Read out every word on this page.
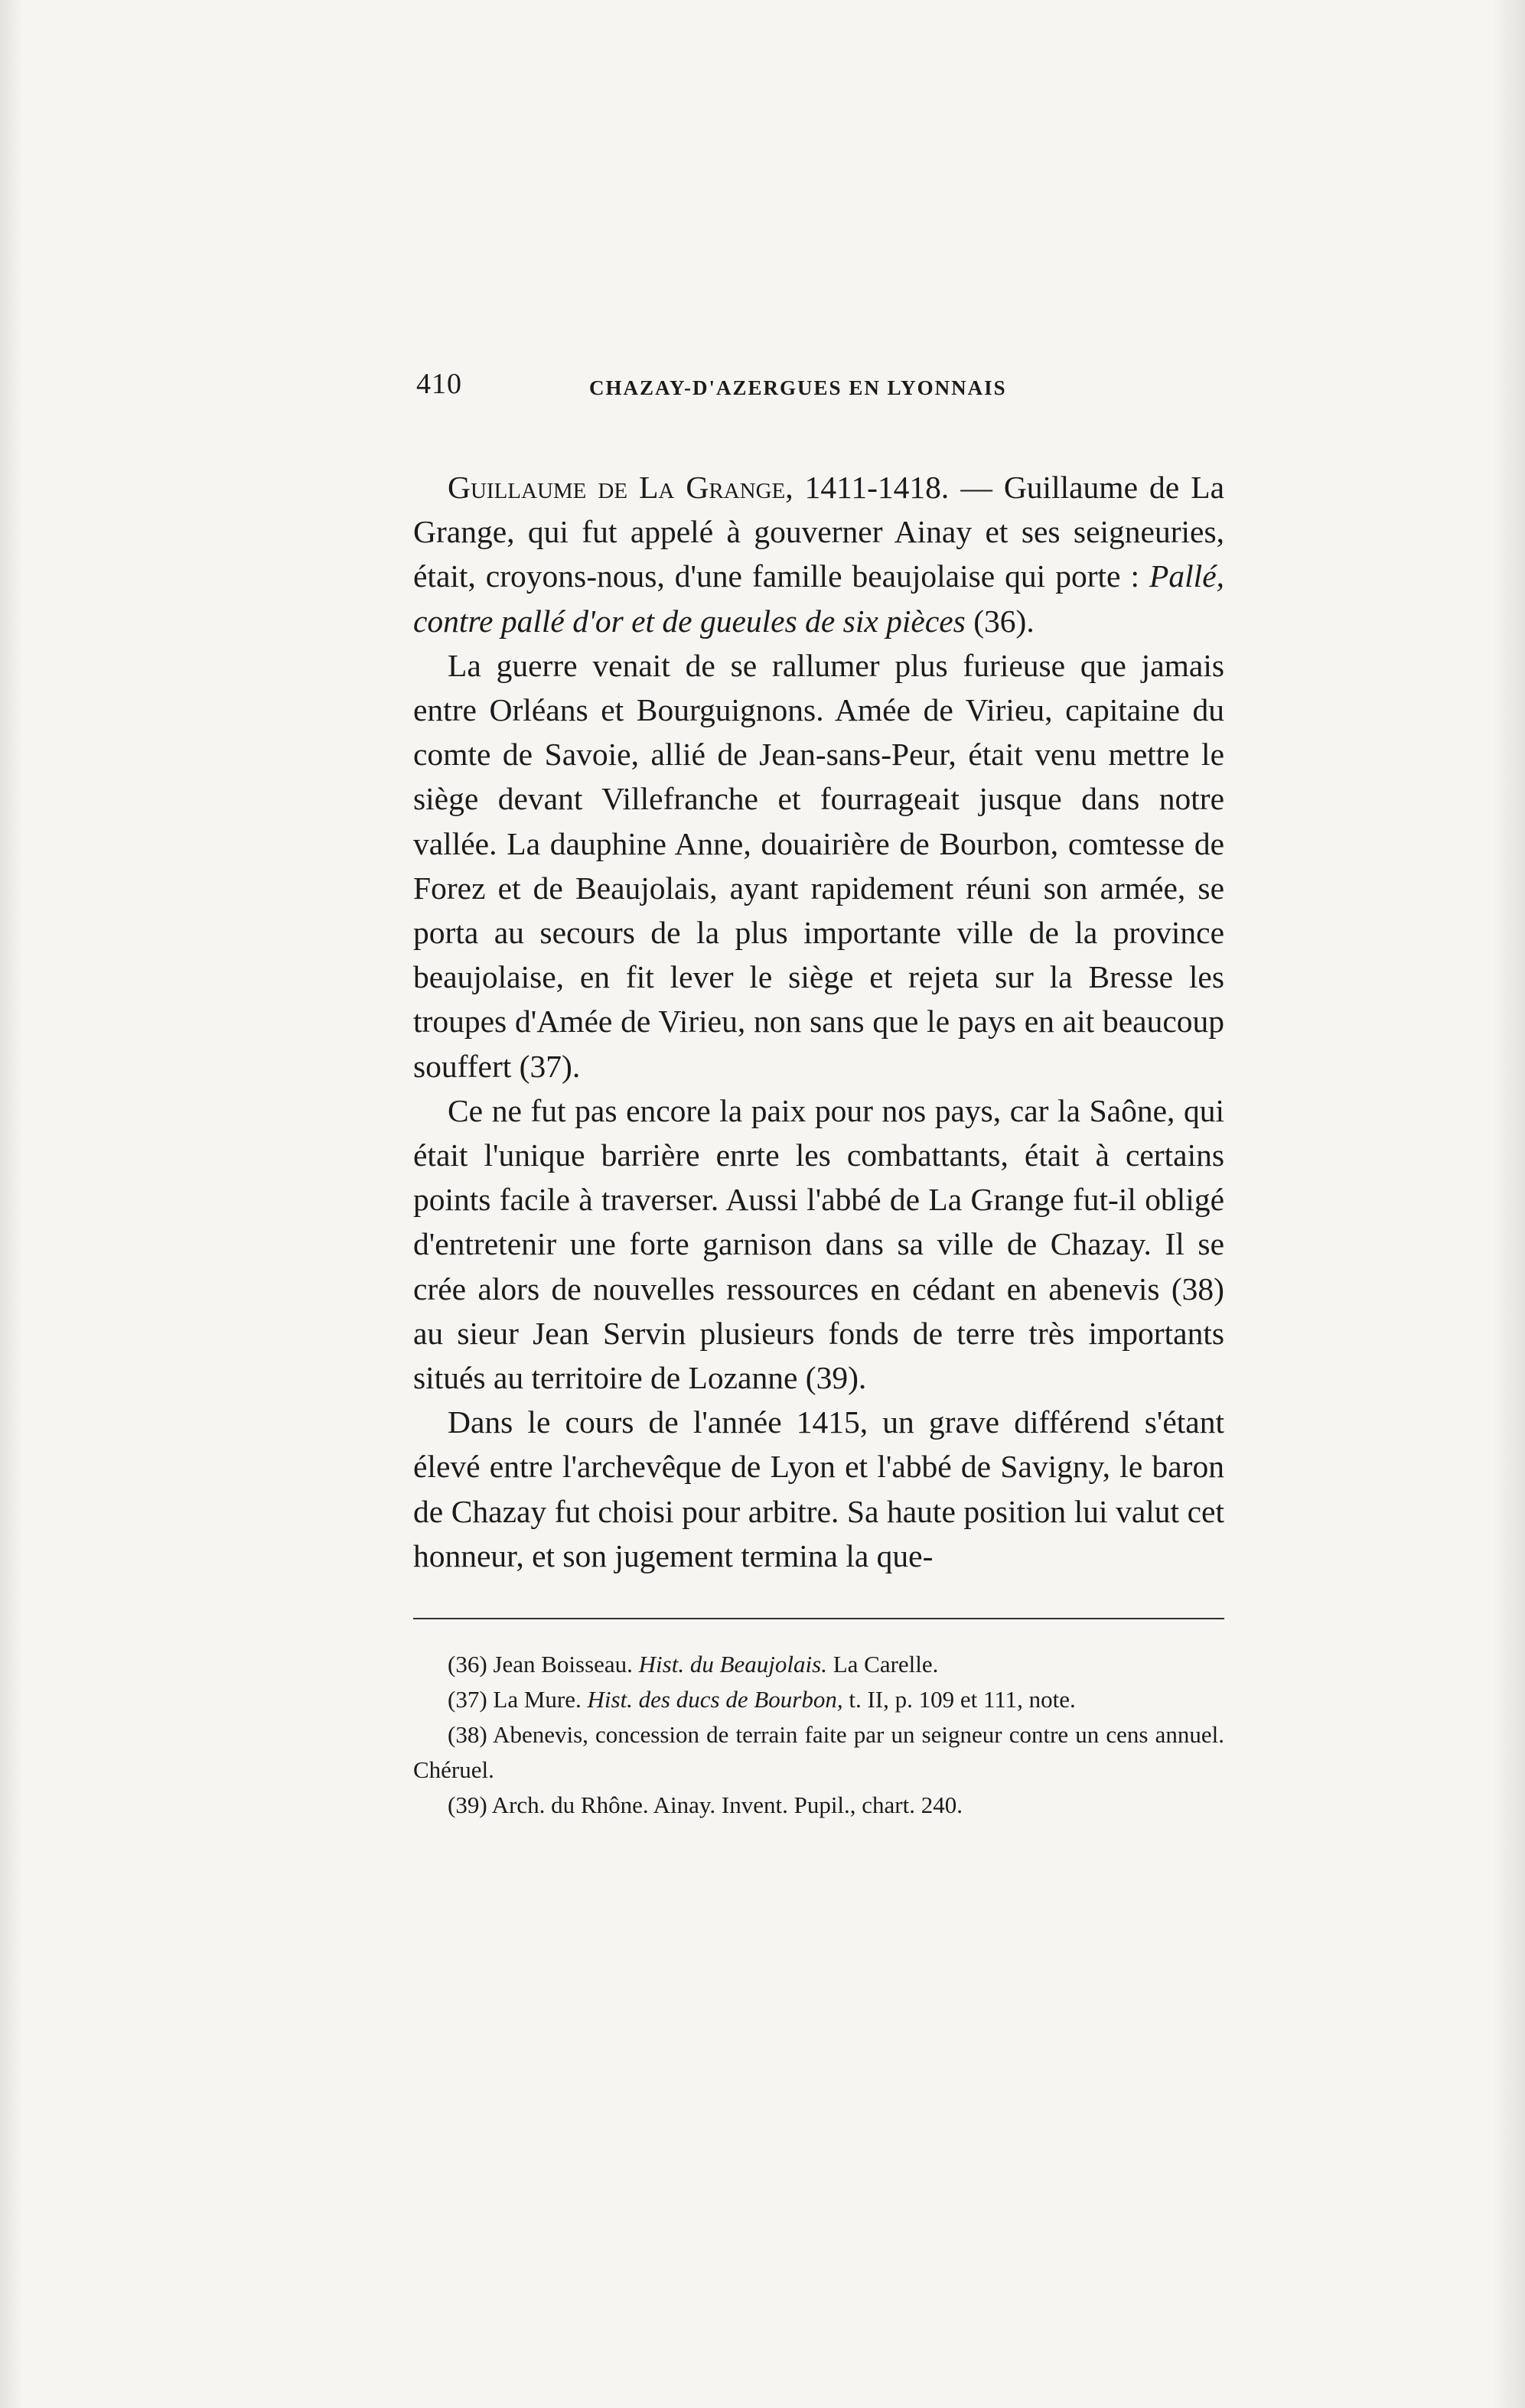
410	CHAZAY-D'AZERGUES EN LYONNAIS

Guillaume de La Grange, 1411-1418. — Guillaume de La Grange, qui fut appelé à gouverner Ainay et ses seigneuries, était, croyons-nous, d'une famille beaujolaise qui porte : Pallé, contre pallé d'or et de gueules de six pièces (36).

La guerre venait de se rallumer plus furieuse que jamais entre Orléans et Bourguignons. Amée de Virieu, capitaine du comte de Savoie, allié de Jean-sans-Peur, était venu mettre le siège devant Villefranche et fourrageait jusque dans notre vallée. La dauphine Anne, douairière de Bourbon, comtesse de Forez et de Beaujolais, ayant rapidement réuni son armée, se porta au secours de la plus importante ville de la province beaujolaise, en fit lever le siège et rejeta sur la Bresse les troupes d'Amée de Virieu, non sans que le pays en ait beaucoup souffert (37).

Ce ne fut pas encore la paix pour nos pays, car la Saône, qui était l'unique barrière enrte les combattants, était à certains points facile à traverser. Aussi l'abbé de La Grange fut-il obligé d'entretenir une forte garnison dans sa ville de Chazay. Il se crée alors de nouvelles ressources en cédant en abenevis (38) au sieur Jean Servin plusieurs fonds de terre très importants situés au territoire de Lozanne (39).

Dans le cours de l'année 1415, un grave différend s'étant élevé entre l'archevêque de Lyon et l'abbé de Savigny, le baron de Chazay fut choisi pour arbitre. Sa haute position lui valut cet honneur, et son jugement termina la que-

(36) Jean Boisseau. Hist. du Beaujolais. La Carelle.

(37) La Mure. Hist. des ducs de Bourbon, t. II, p. 109 et 111, note.

(38) Abenevis, concession de terrain faite par un seigneur contre un cens annuel. Chéruel.

(39) Arch. du Rhône. Ainay. Invent. Pupil., chart. 240.
